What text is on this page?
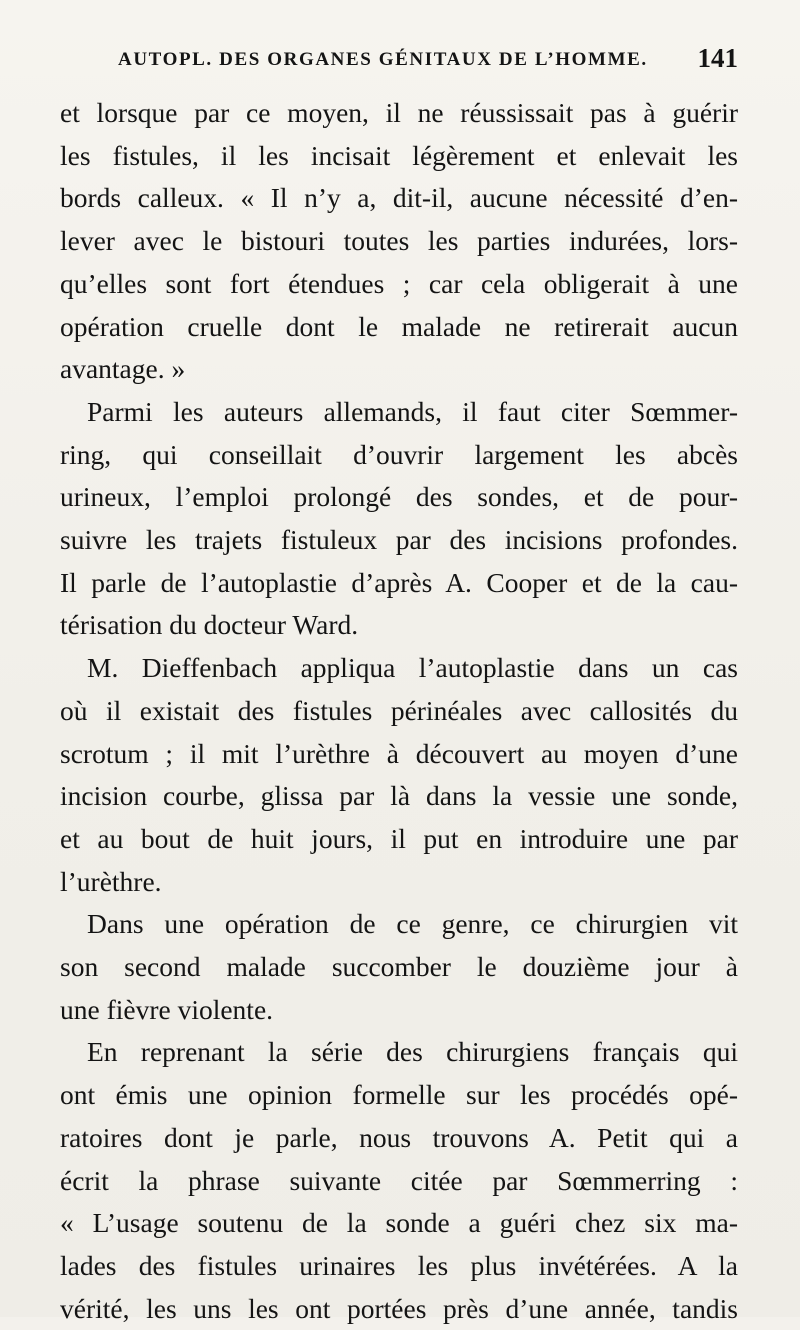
AUTOPL. DES ORGANES GÉNITAUX DE L’HOMME. 141

et lorsque par ce moyen, il ne réussissait pas à guérir
les fistules, il les incisait légèrement et enlevait les
bords calleux. « Il n’y a, dit-il, aucune nécessité d’en-
lever avec le bistouri toutes les parties indurées, lors-
qu’elles sont fort étendues ; car cela obligerait à une
opération cruelle dont le malade ne retirerait aucun
avantage. »

Parmi les auteurs allemands, il faut citer Sœmmer-
ring, qui conseillait d’ouvrir largement les abcès
urineux, l’emploi prolongé des sondes, et de pour-
suivre les trajets fistuleux par des incisions profondes.
Il parle de l’autoplastie d’après A. Cooper et de la cau-
térisation du docteur Ward.

M. Dieffenbach appliqua l’autoplastie dans un cas
où il existait des fistules périnéales avec callosités du
scrotum ; il mit l’urèthre à découvert au moyen d’une
incision courbe, glissa par là dans la vessie une sonde,
et au bout de huit jours, il put en introduire une par
l’urèthre.

Dans une opération de ce genre, ce chirurgien vit
son second malade succomber le douzième jour à
une fièvre violente.

En reprenant la série des chirurgiens français qui
ont émis une opinion formelle sur les procédés opé-
ratoires dont je parle, nous trouvons A. Petit qui a
écrit la phrase suivante citée par Sœmmerring :
« L’usage soutenu de la sonde a guéri chez six ma-
lades des fistules urinaires les plus invétérées. A la
vérité, les uns les ont portées près d’une année, tandis
